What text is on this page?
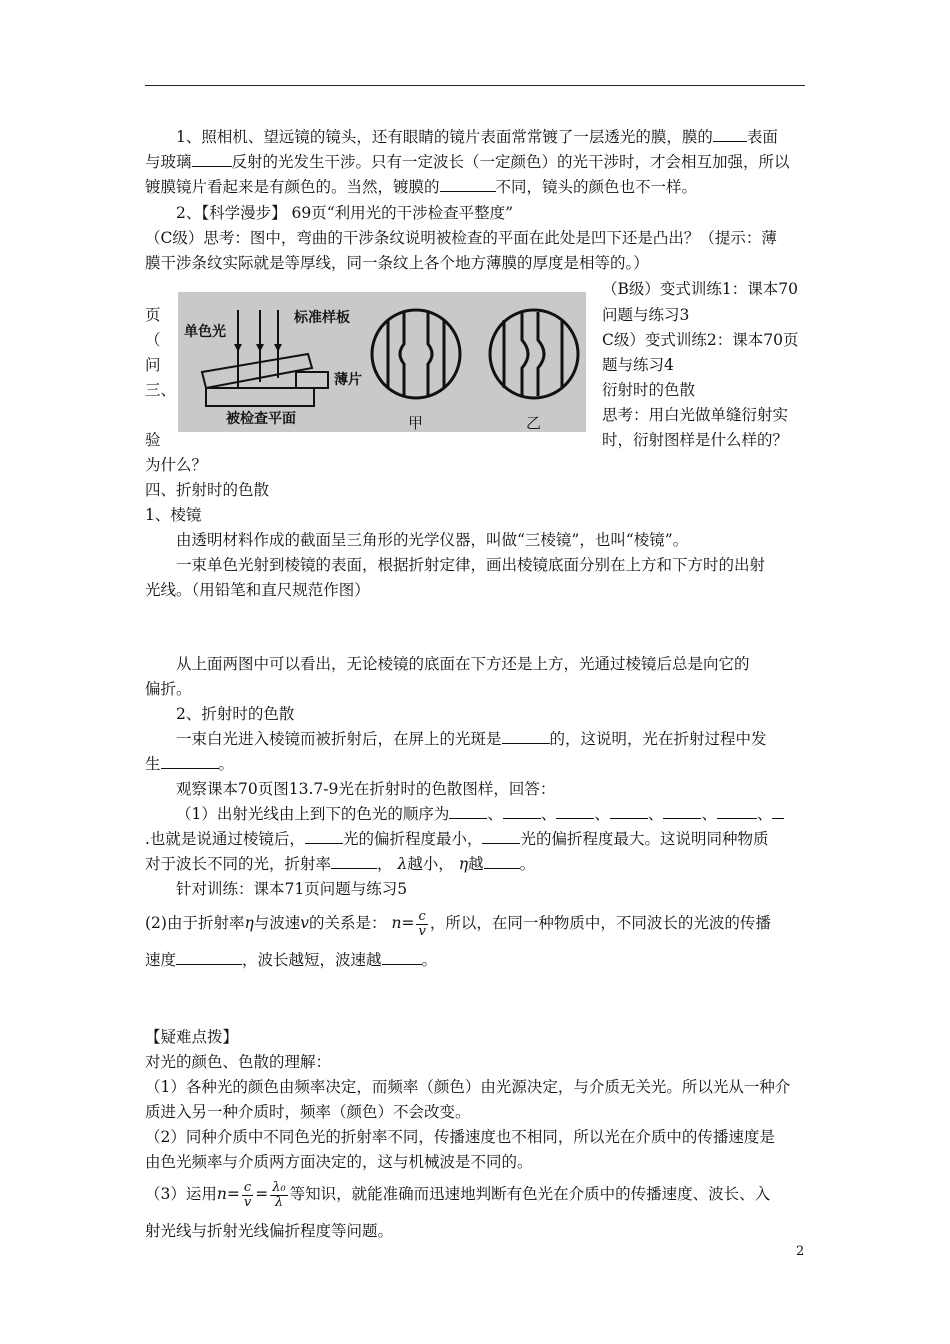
1、照相机、望远镜的镜头，还有眼睛的镜片表面常常镀了一层透光的膜，膜的 表面
与玻璃	反射的光发生干涉。只有一定波长（一定颜色）的光干涉时，才会相互加强，所以
镀膜镜片看起来是有颜色的。当然，镀膜的	不同，镜头的颜色也不一样。
2、【科学漫步】 69页“利用光的干涉检查平整度”
（C级）思考：图中，弯曲的干涉条纹说明被检查的平面在此处是凹下还是凸出？（提示：薄
膜干涉条纹实际就是等厚线，同一条纹上各个地方薄膜的厚度是相等的。）
页
（
问
三、
验
（B级）变式训练1：课本70
问题与练习3
C级）变式训练2：课本70页
题与练习4
衍射时的色散
思考：用白光做单缝衍射实
时，衍射图样是什么样的？
单色光
标准样板
薄片
被检查平面	甲	乙
为什么？
四、折射时的色散
1、棱镜
由透明材料作成的截面呈三角形的光学仪器，叫做“三棱镜”，也叫“棱镜”。
一束单色光射到棱镜的表面，根据折射定律，画出棱镜底面分别在上方和下方时的出射
光线。（用铅笔和直尺规范作图）
从上面两图中可以看出，无论棱镜的底面在下方还是上方，光通过棱镜后总是向它的
偏折。
2、折射时的色散
一束白光进入棱镜而被折射后，在屏上的光斑是	的，这说明，光在折射过程中发
生	。
观察课本70页图13.7-9光在折射时的色散图样，回答：
（1）出射光线由上到下的色光的顺序为 、 、 、 、 、	、
.也就是说通过棱镜后， 光的偏折程度最小， 光的偏折程度最大。这说明同种物质
对于波长不同的光，折射率	， λ越小， η越 。
针对训练：课本71页问题与练习5
(2)由于折射率η与波速v的关系是： $n= \frac{c}{v}$ ，所以，在同一种物质中，不同波长的光波的传播
速度	，波长越短，波速越	。
【疑难点拨】
对光的颜色、色散的理解：
（1）各种光的颜色由频率决定，而频率（颜色）由光源决定，与介质无关光。所以光从一种介
质进入另一种介质时，频率（颜色）不会改变。
（2）同种介质中不同色光的折射率不同，传播速度也不相同，所以光在介质中的传播速度是
由色光频率与介质两方面决定的，这与机械波是不同的。
（3）运用$n= \frac{c}{v} = \frac{\text{λ₀}}{\lambda}$ 等知识，就能准确而迅速地判断有色光在介质中的传播速度、波长、入
射光线与折射光线偏折程度等问题。
2
